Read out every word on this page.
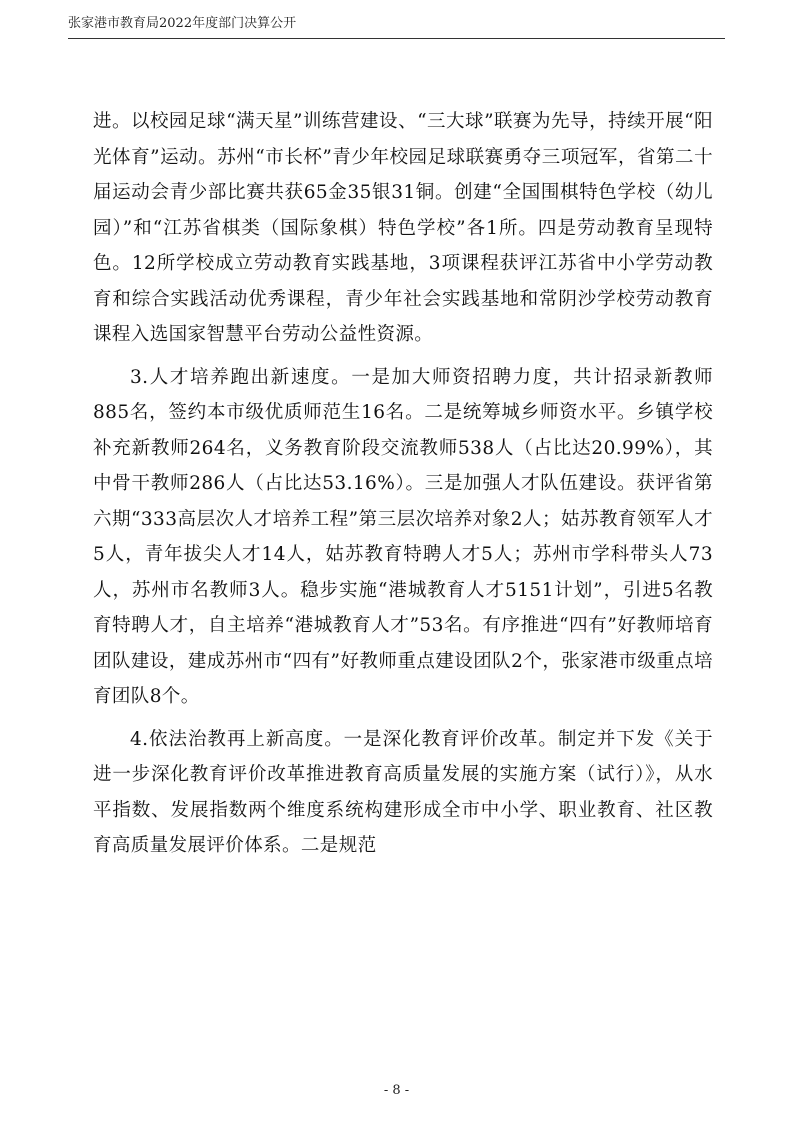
张家港市教育局2022年度部门决算公开

进。以校园足球“满天星”训练营建设、“三大球”联赛为先导，持续开展“阳光体育”运动。苏州“市长杯”青少年校园足球联赛勇夺三项冠军，省第二十届运动会青少部比赛共获65金35银31铜。创建“全国围棋特色学校（幼儿园）”和“江苏省棋类（国际象棋）特色学校”各1所。四是劳动教育呈现特色。12所学校成立劳动教育实践基地，3项课程获评江苏省中小学劳动教育和综合实践活动优秀课程，青少年社会实践基地和常阴沙学校劳动教育课程入选国家智慧平台劳动公益性资源。

3.人才培养跑出新速度。一是加大师资招聘力度，共计招录新教师885名，签约本市级优质师范生16名。二是统筹城乡师资水平。乡镇学校补充新教师264名，义务教育阶段交流教师538人（占比达20.99%），其中骨干教师286人（占比达53.16%）。三是加强人才队伍建设。获评省第六期“333高层次人才培养工程”第三层次培养对象2人；姑苏教育领军人才5人，青年拔尖人才14人，姑苏教育特聘人才5人；苏州市学科带头人73人，苏州市名教师3人。稳步实施“港城教育人才5151计划”，引进5名教育特聘人才，自主培养“港城教育人才”53名。有序推进“四有”好教师培育团队建设，建成苏州市“四有”好教师重点建设团队2个，张家港市级重点培育团队8个。

4.依法治教再上新高度。一是深化教育评价改革。制定并下发《关于进一步深化教育评价改革推进教育高质量发展的实施方案（试行）》，从水平指数、发展指数两个维度系统构建形成全市中小学、职业教育、社区教育高质量发展评价体系。二是规范

- 8 -
